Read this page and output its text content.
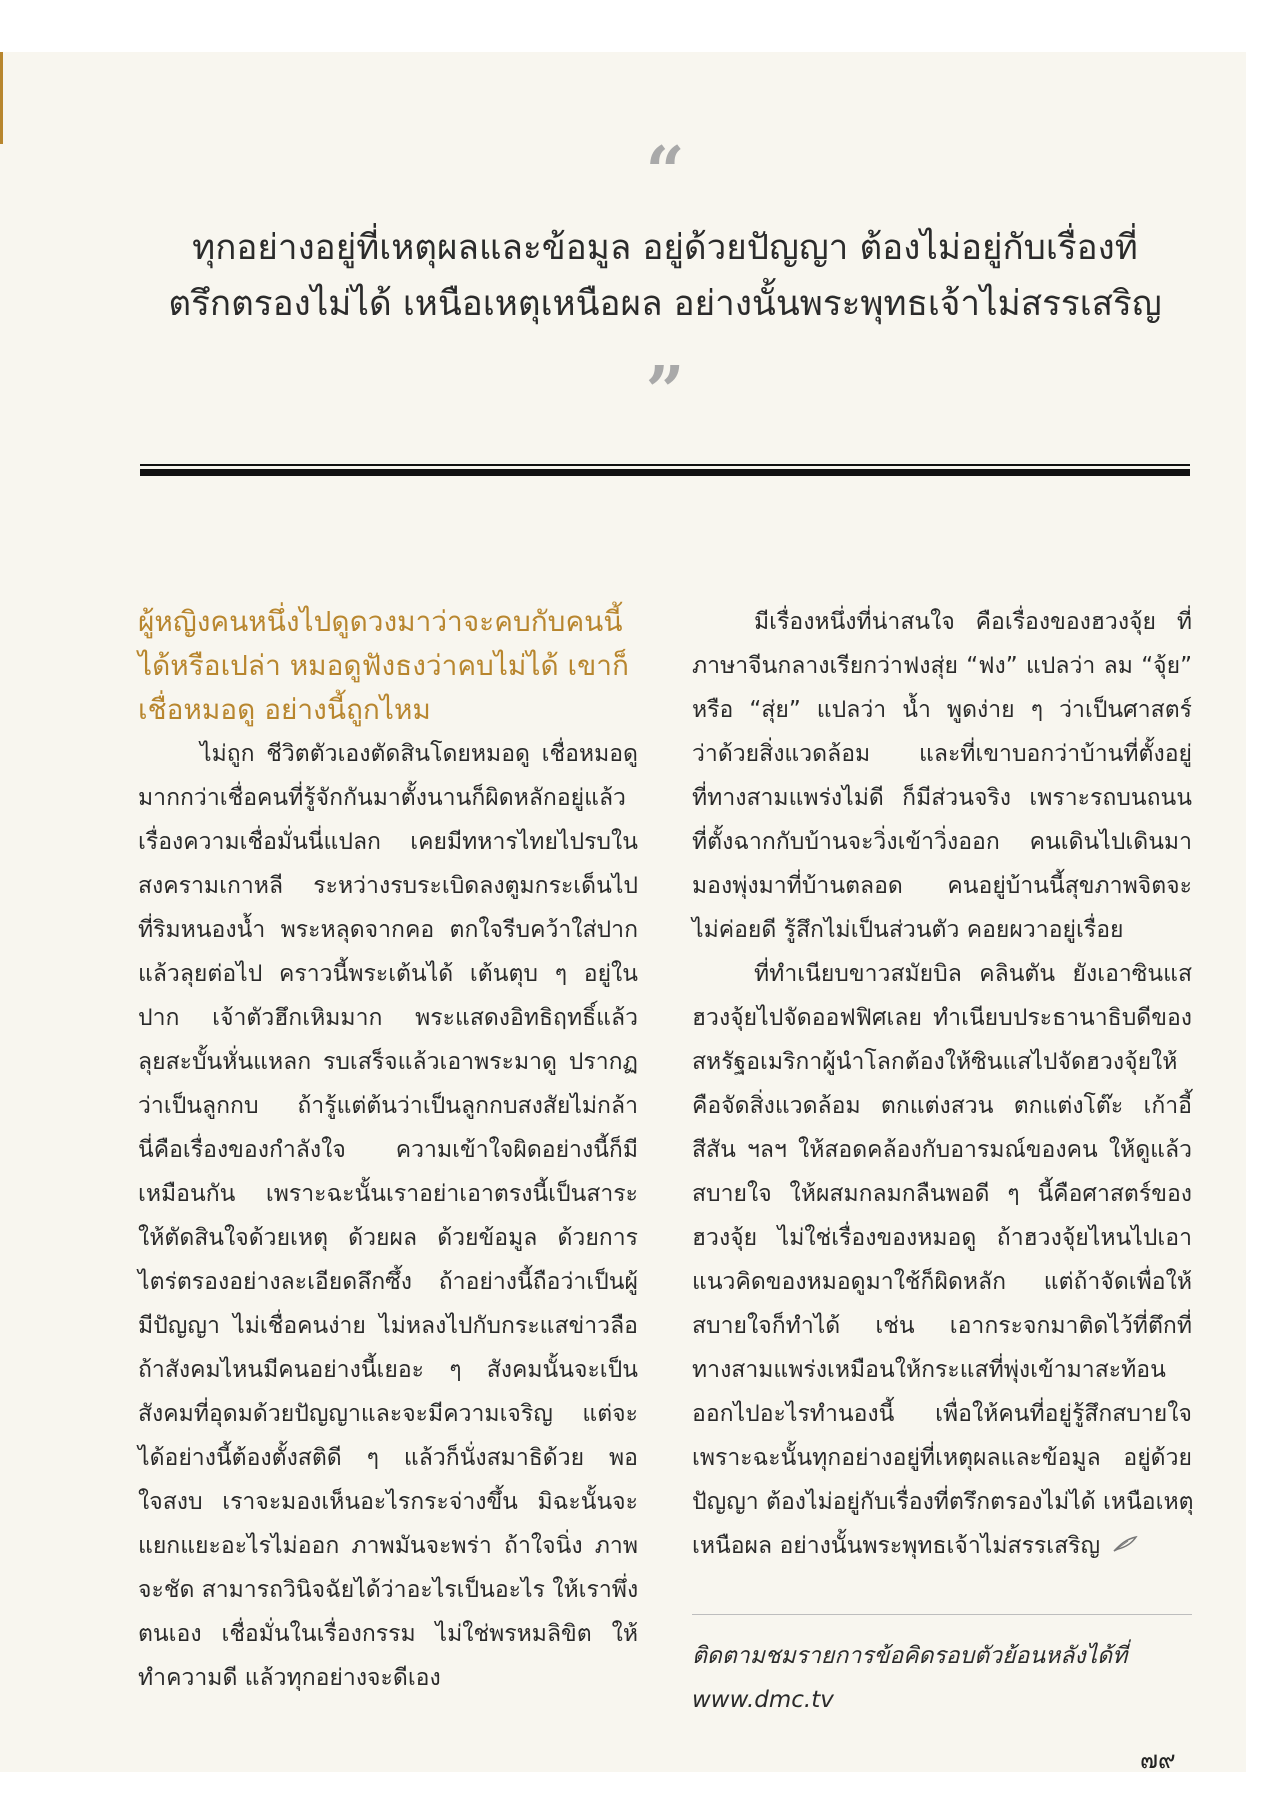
“
ทุกอย่างอยู่ที่เหตุผลและข้อมูล อยู่ด้วยปัญญา ต้องไม่อยู่กับเรื่องที่
ตรึกตรองไม่ได้ เหนือเหตุเหนือผล อย่างนั้นพระพุทธเจ้าไม่สรรเสริญ
”
ผู้หญิงคนหนึ่งไปดูดวงมาว่าจะคบกับคนนี้
ได้หรือเปล่า หมอดูฟังธงว่าคบไม่ได้ เขาก็
เชื่อหมอดู อย่างนี้ถูกไหม
ไม่ถูก ชีวิตตัวเองตัดสินโดยหมอดู เชื่อหมอดู
มากกว่าเชื่อคนที่รู้จักกันมาตั้งนานก็ผิดหลักอยู่แล้ว
เรื่องความเชื่อมั่นนี่แปลก เคยมีทหารไทยไปรบใน
สงครามเกาหลี ระหว่างรบระเบิดลงตูมกระเด็นไป
ที่ริมหนองน้ำ พระหลุดจากคอ ตกใจรีบคว้าใส่ปาก
แล้วลุยต่อไป คราวนี้พระเต้นได้ เต้นตุบ ๆ อยู่ใน
ปาก เจ้าตัวฮึกเหิมมาก พระแสดงอิทธิฤทธิ์แล้ว
ลุยสะบั้นหั่นแหลก รบเสร็จแล้วเอาพระมาดู ปรากฏ
ว่าเป็นลูกกบ ถ้ารู้แต่ต้นว่าเป็นลูกกบสงสัยไม่กล้า
นี่คือเรื่องของกำลังใจ ความเข้าใจผิดอย่างนี้ก็มี
เหมือนกัน เพราะฉะนั้นเราอย่าเอาตรงนี้เป็นสาระ
ให้ตัดสินใจด้วยเหตุ ด้วยผล ด้วยข้อมูล ด้วยการ
ไตร่ตรองอย่างละเอียดลึกซึ้ง ถ้าอย่างนี้ถือว่าเป็นผู้
มีปัญญา ไม่เชื่อคนง่าย ไม่หลงไปกับกระแสข่าวลือ
ถ้าสังคมไหนมีคนอย่างนี้เยอะ ๆ สังคมนั้นจะเป็น
สังคมที่อุดมด้วยปัญญาและจะมีความเจริญ แต่จะ
ได้อย่างนี้ต้องตั้งสติดี ๆ แล้วก็นั่งสมาธิด้วย พอ
ใจสงบ เราจะมองเห็นอะไรกระจ่างขึ้น มิฉะนั้นจะ
แยกแยะอะไรไม่ออก ภาพมันจะพร่า ถ้าใจนิ่ง ภาพ
จะชัด สามารถวินิจฉัยได้ว่าอะไรเป็นอะไร ให้เราพึ่ง
ตนเอง เชื่อมั่นในเรื่องกรรม ไม่ใช่พรหมลิขิต ให้
ทำความดี แล้วทุกอย่างจะดีเอง
มีเรื่องหนึ่งที่น่าสนใจ คือเรื่องของฮวงจุ้ย ที่
ภาษาจีนกลางเรียกว่าฟงสุ่ย “ฟง” แปลว่า ลม “จุ้ย”
หรือ “สุ่ย” แปลว่า น้ำ พูดง่าย ๆ ว่าเป็นศาสตร์
ว่าด้วยสิ่งแวดล้อม และที่เขาบอกว่าบ้านที่ตั้งอยู่
ที่ทางสามแพร่งไม่ดี ก็มีส่วนจริง เพราะรถบนถนน
ที่ตั้งฉากกับบ้านจะวิ่งเข้าวิ่งออก คนเดินไปเดินมา
มองพุ่งมาที่บ้านตลอด คนอยู่บ้านนี้สุขภาพจิตจะ
ไม่ค่อยดี รู้สึกไม่เป็นส่วนตัว คอยผวาอยู่เรื่อย
ที่ทำเนียบขาวสมัยบิล คลินตัน ยังเอาซินแส
ฮวงจุ้ยไปจัดออฟฟิศเลย ทำเนียบประธานาธิบดีของ
สหรัฐอเมริกาผู้นำโลกต้องให้ซินแสไปจัดฮวงจุ้ยให้
คือจัดสิ่งแวดล้อม ตกแต่งสวน ตกแต่งโต๊ะ เก้าอี้
สีสัน ฯลฯ ให้สอดคล้องกับอารมณ์ของคน ให้ดูแล้ว
สบายใจ ให้ผสมกลมกลืนพอดี ๆ นี้คือศาสตร์ของ
ฮวงจุ้ย ไม่ใช่เรื่องของหมอดู ถ้าฮวงจุ้ยไหนไปเอา
แนวคิดของหมอดูมาใช้ก็ผิดหลัก แต่ถ้าจัดเพื่อให้
สบายใจก็ทำได้ เช่น เอากระจกมาติดไว้ที่ตึกที่
ทางสามแพร่งเหมือนให้กระแสที่พุ่งเข้ามาสะท้อน
ออกไปอะไรทำนองนี้ เพื่อให้คนที่อยู่รู้สึกสบายใจ
เพราะฉะนั้นทุกอย่างอยู่ที่เหตุผลและข้อมูล อยู่ด้วย
ปัญญา ต้องไม่อยู่กับเรื่องที่ตรึกตรองไม่ได้ เหนือเหตุ
เหนือผล อย่างนั้นพระพุทธเจ้าไม่สรรเสริญ
ติดตามชมรายการข้อคิดรอบตัวย้อนหลังได้ที่
www.dmc.tv
๗๙
